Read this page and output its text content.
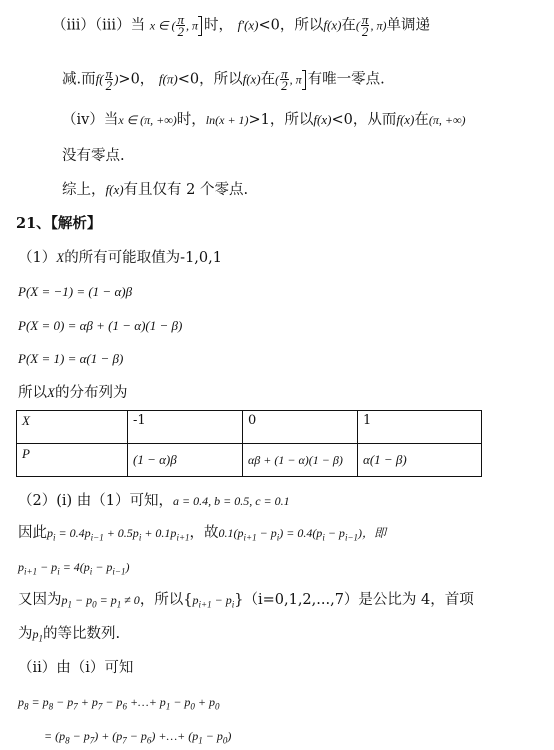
（iii）（iii）当 x ∈ ( $\frac{\pi}{2}$ , π 时， f′(x)<0，所以f(x)在( $\frac{\pi}{2}$ , π)单调递
减.而$f( \frac{\pi}{2} )>0$， f(π)<0，所以f(x)在( $\frac{\pi}{2}$ , π 有唯一零点.
（iv）当x ∈ (π, +∞)时，ln(x + 1)>1，所以f(x)<0，从而f(x)在(π, +∞)
没有零点.
综上，f(x)有且仅有 2 个零点.
21、【解析】
（1）X的所有可能取值为-1,0,1
P(X = −1) = (1 − α)β
P(X = 0) = αβ + (1 − α)(1 − β)
P(X = 1) = α(1 − β)
所以X的分布列为
X	-1	0	1
P	(1 − α)β	αβ + (1 − α)(1 − β)	α(1 − β)
（2）(i) 由（1）可知，a = 0.4, b = 0.5, c = 0.1
因此$p_i = 0.4p_{i-1} + 0.5p_i + 0.1p_{i+1}$，故$0.1(p_{i+1} - p_i) = 0.4(p_i - p_{i-1})$，即
$p_{i+1} - p_i = 4(p_i - p_{i-1})$
又因为$p_1 - p_0 = p_1 \ne 0$，所以$\{p_{i+1} - p_i\}(i=0,1,2,...,7)$是公比为 4，首项
为$p_1$的等比数列.
（ii）由（i）可知
$p_8 = p_8 - p_7 + p_7 - p_6$ +…+ $p_1 - p_0 + p_0$
= $(p_8 - p_7) + (p_7 - p_6)$ +…+ $(p_1 - p_0)$
